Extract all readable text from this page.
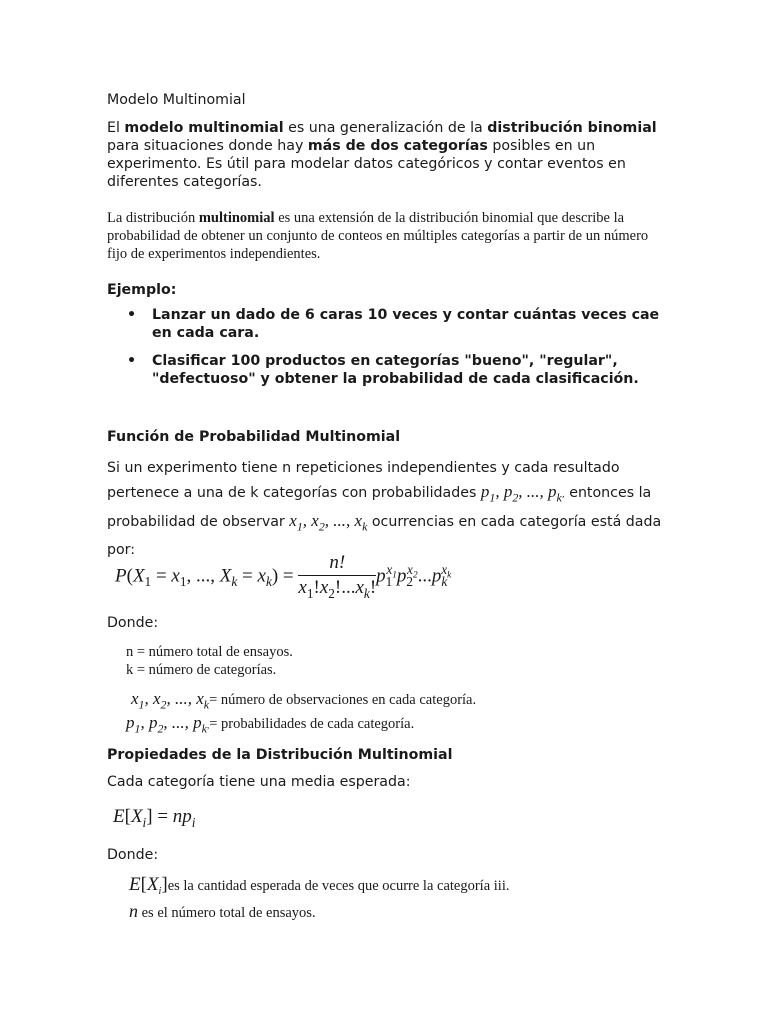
Modelo Multinomial

El modelo multinomial es una generalización de la distribución binomial para situaciones donde hay más de dos categorías posibles en un experimento. Es útil para modelar datos categóricos y contar eventos en diferentes categorías.

La distribución multinomial es una extensión de la distribución binomial que describe la probabilidad de obtener un conjunto de conteos en múltiples categorías a partir de un número fijo de experimentos independientes.

Ejemplo:

• Lanzar un dado de 6 caras 10 veces y contar cuántas veces cae en cada cara.
• Clasificar 100 productos en categorías "bueno", "regular", "defectuoso" y obtener la probabilidad de cada clasificación.

Función de Probabilidad Multinomial

Si un experimento tiene n repeticiones independientes y cada resultado pertenece a una de k categorías con probabilidades $p_1$, $p_2$, ..., $p_k$, entonces la probabilidad de observar $x_1$, $x_2$, ..., $x_k$ ocurrencias en cada categoría está dada por:

$P(X_1 = x_1$, ..., $X_k = x_k) = \frac{n!}{x_1!x_2!...x_k!} p_1^{x_1}p_2^{x_2}...p_k^{x_k}$

Donde:

n = número total de ensayos.

k = número de categorías.

$x_1$, $x_2$, ..., $x_k=$ número de observaciones en cada categoría.

$p_1$, $p_2$, ..., $p_k,=$ probabilidades de cada categoría.

Propiedades de la Distribución Multinomial

Cada categoría tiene una media esperada:

$E[X_i] = np_i$

Donde:

$E[X_i]es$ la cantidad esperada de veces que ocurre la categoría iii.

n es el número total de ensayos.
